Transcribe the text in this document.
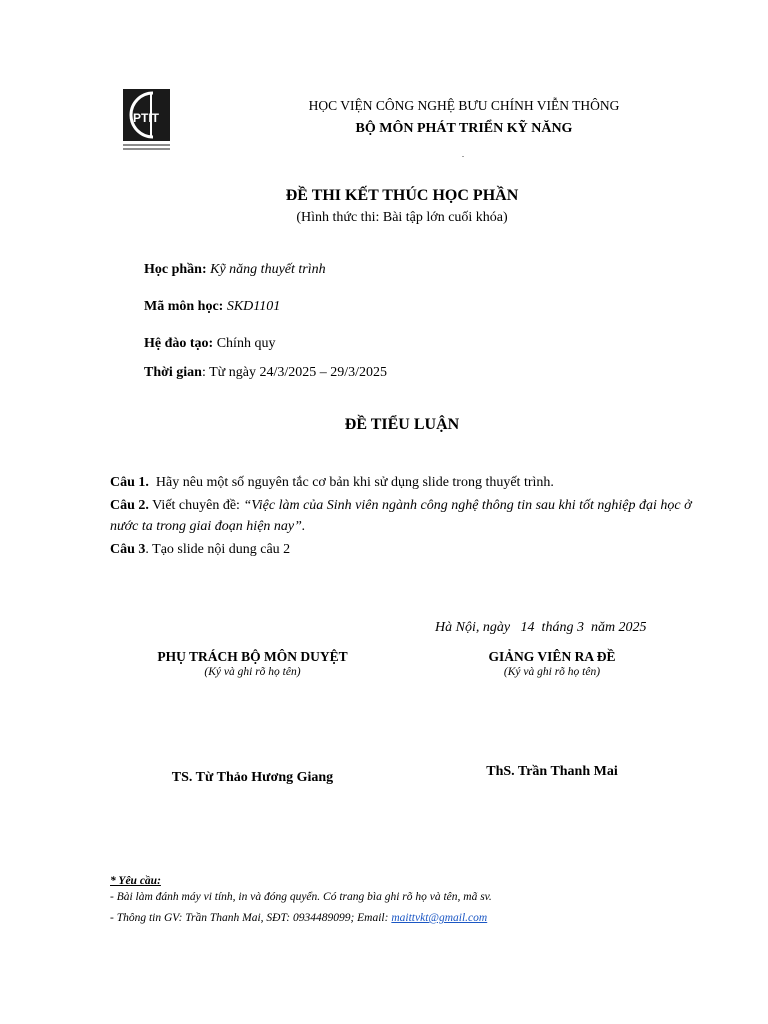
PTIT
HỌC VIỆN CÔNG NGHỆ BƯU CHÍNH VIỄN THÔNG
BỘ MÔN PHÁT TRIỂN KỸ NĂNG
.
ĐỀ THI KẾT THÚC HỌC PHẦN
(Hình thức thi: Bài tập lớn cuối khóa)
Học phần: Kỹ năng thuyết trình
Mã môn học: SKD1101
Hệ đào tạo: Chính quy
Thời gian: Từ ngày 24/3/2025 – 29/3/2025
ĐỀ TIỂU LUẬN
Câu 1.  Hãy nêu một số nguyên tắc cơ bản khi sử dụng slide trong thuyết trình.
Câu 2. Viết chuyên đề: “Việc làm của Sinh viên ngành công nghệ thông tin sau khi tốt nghiệp đại học ở nước ta trong giai đoạn hiện nay”.
Câu 3. Tạo slide nội dung câu 2
Hà Nội, ngày   14  tháng 3  năm 2025
PHỤ TRÁCH BỘ MÔN DUYỆT
(Ký và ghi rõ họ tên)
TS. Từ Thảo Hương Giang
GIẢNG VIÊN RA ĐỀ
(Ký và ghi rõ họ tên)
ThS. Trần Thanh Mai
* Yêu cầu:
- Bài làm đánh máy vi tính, in và đóng quyển. Có trang bìa ghi rõ họ và tên, mã sv.
- Thông tin GV: Trần Thanh Mai, SĐT: 0934489099; Email: maittvkt@gmail.com
